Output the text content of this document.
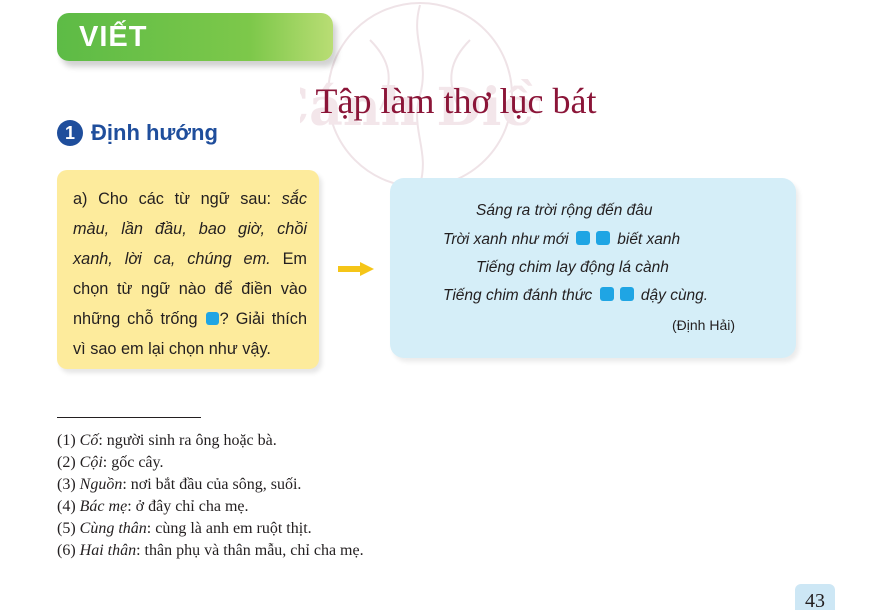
ánh Diề
VIẾT
Tập làm thơ lục bát
1 Định hướng
a) Cho các từ ngữ sau: sắc màu, lần đầu, bao giờ, chồi xanh, lời ca, chúng em. Em chọn từ ngữ nào để điền vào những chỗ trống ? Giải thích vì sao em lại chọn như vậy.
Sáng ra trời rộng đến đâu
Trời xanh như mới	biết xanh
Tiếng chim lay động lá cành
Tiếng chim đánh thức	dậy cùng.
(Định Hải)
(1) Cố: người sinh ra ông hoặc bà.
(2) Cội: gốc cây.
(3) Nguồn: nơi bắt đầu của sông, suối.
(4) Bác mẹ: ở đây chỉ cha mẹ.
(5) Cùng thân: cùng là anh em ruột thịt.
(6) Hai thân: thân phụ và thân mẫu, chỉ cha mẹ.
43
